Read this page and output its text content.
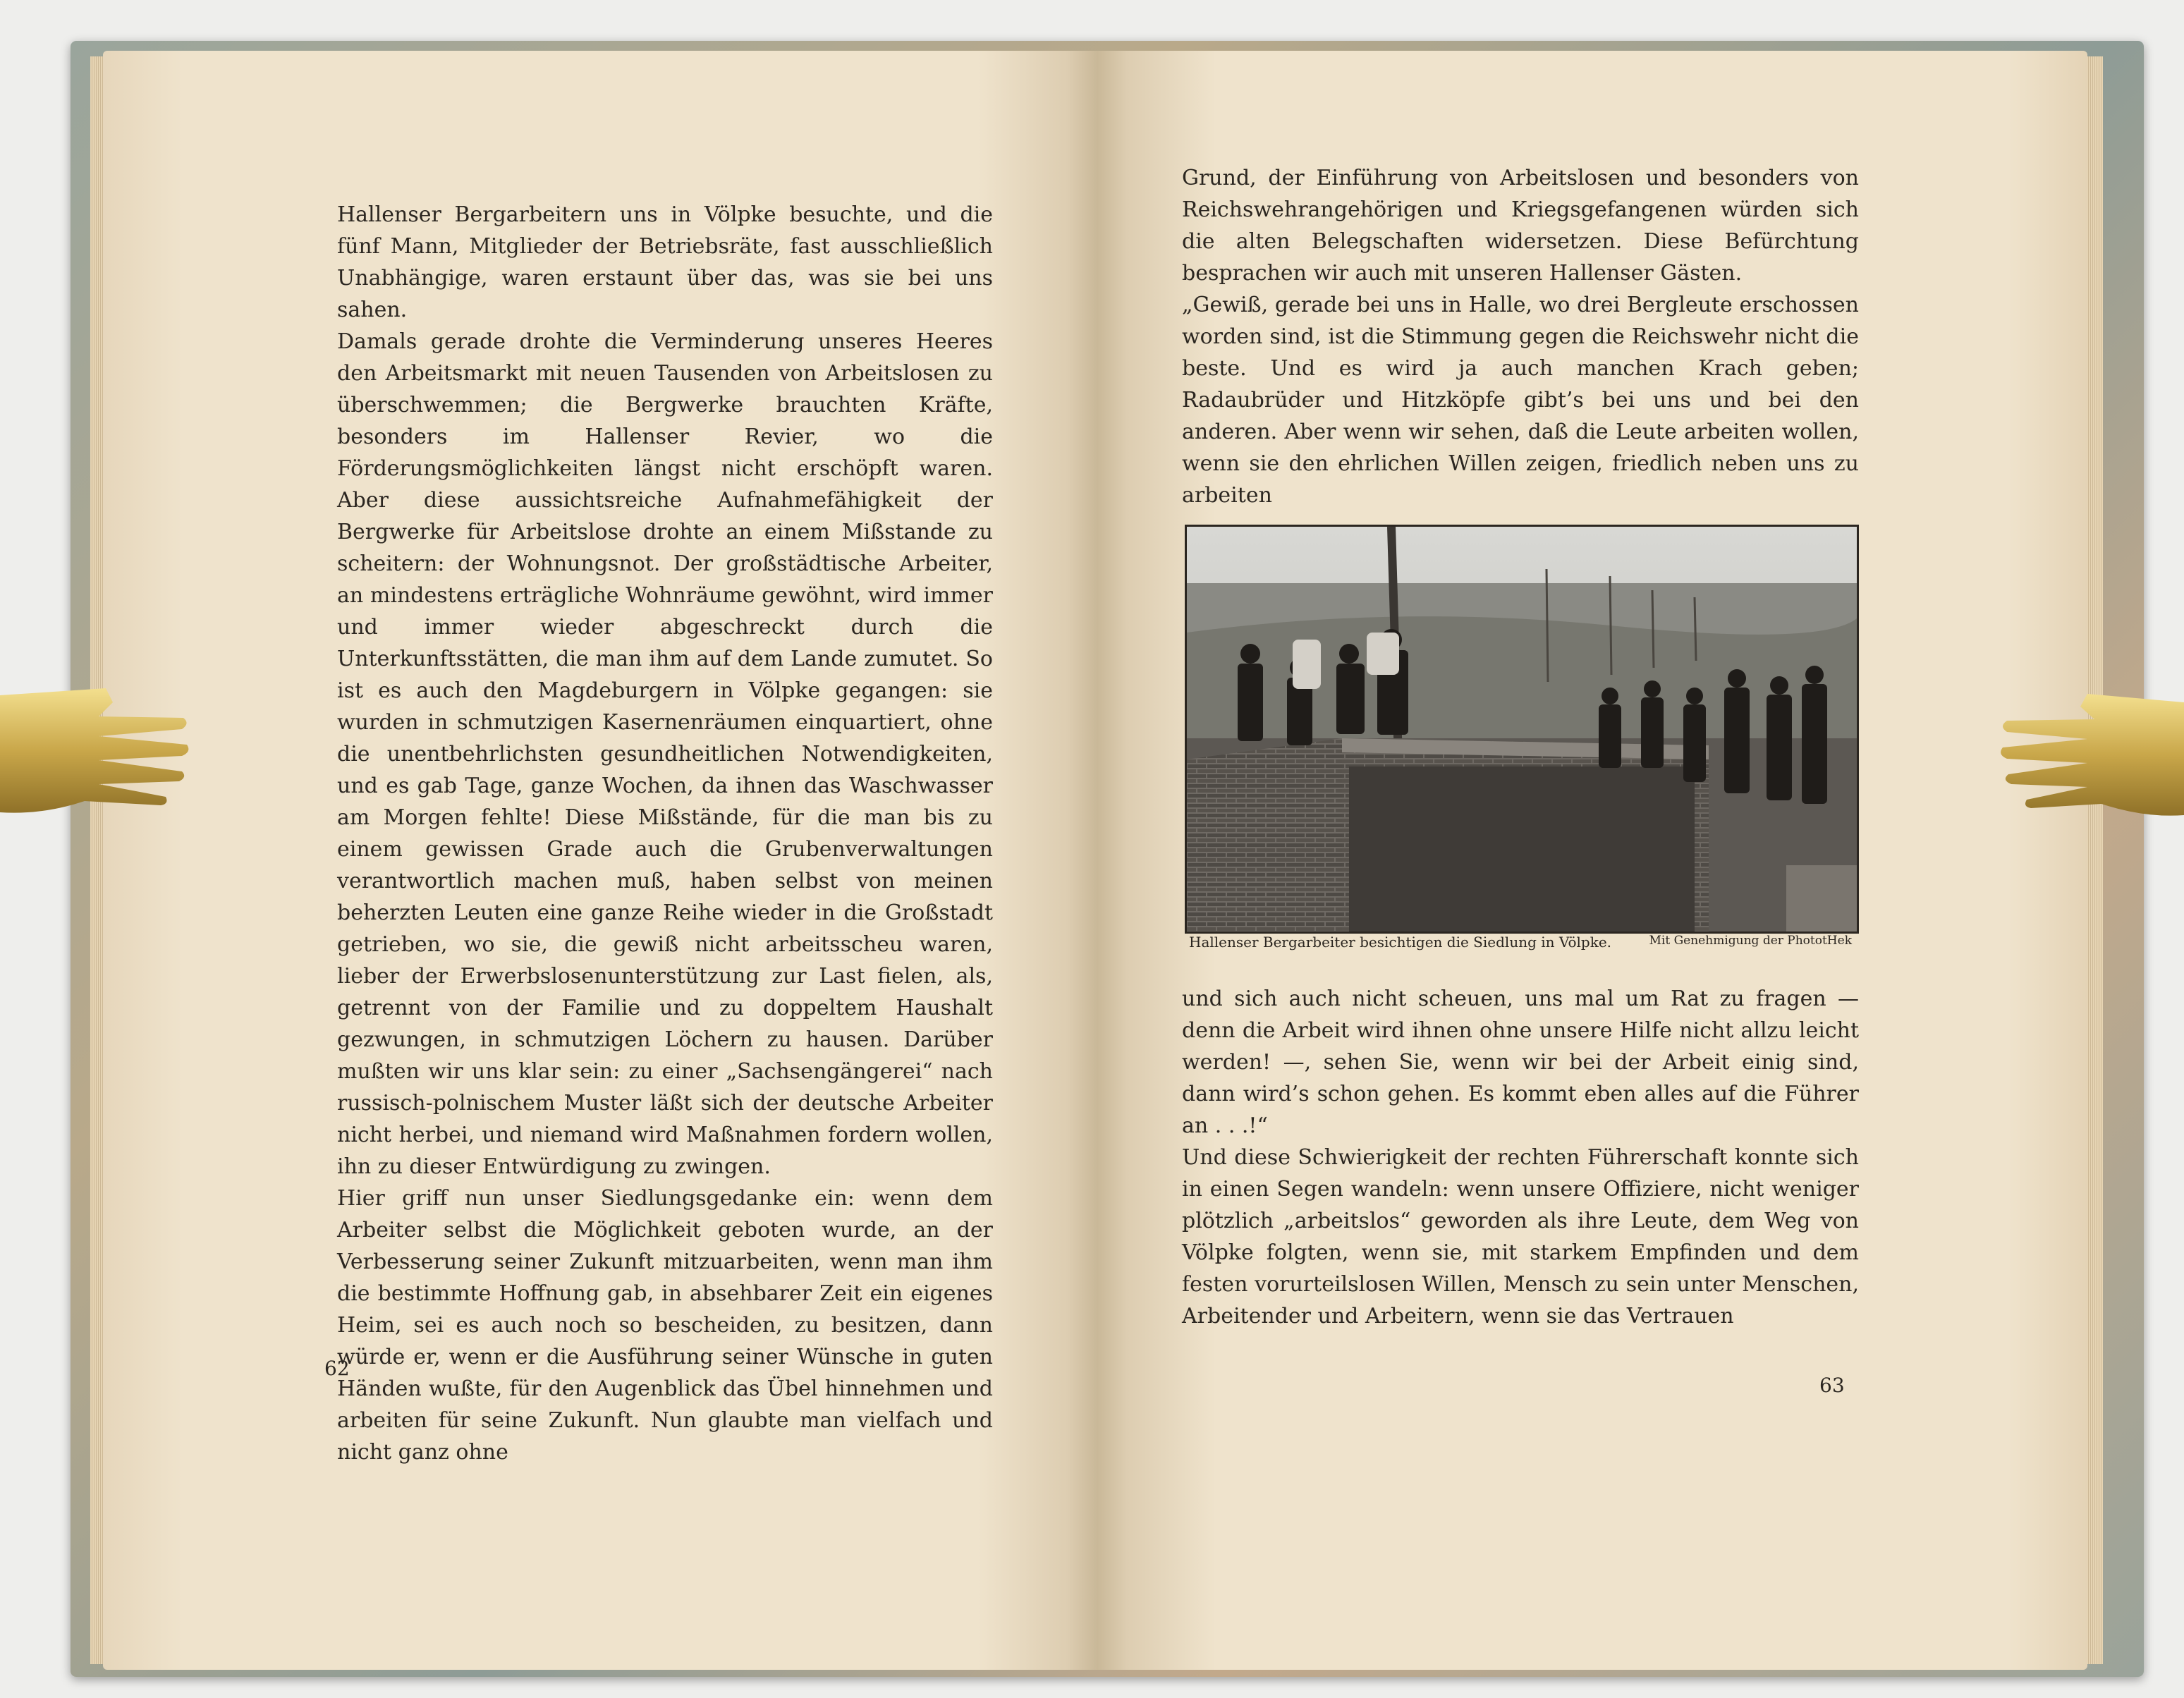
Hallenser Bergarbeitern uns in Völpke besuchte, und die fünf Mann, Mitglieder der Betriebsräte, fast ausschließlich Unabhängige, waren erstaunt über das, was sie bei uns sahen.
Damals gerade drohte die Verminderung unseres Heeres den Arbeitsmarkt mit neuen Tausenden von Arbeitslosen zu überschwemmen; die Bergwerke brauchten Kräfte, besonders im Hallenser Revier, wo die Förderungsmöglichkeiten längst nicht erschöpft waren. Aber diese aussichtsreiche Aufnahmefähigkeit der Bergwerke für Arbeitslose drohte an einem Mißstande zu scheitern: der Wohnungsnot. Der großstädtische Arbeiter, an mindestens erträgliche Wohnräume gewöhnt, wird immer und immer wieder abgeschreckt durch die Unterkunftsstätten, die man ihm auf dem Lande zumutet. So ist es auch den Magdeburgern in Völpke gegangen: sie wurden in schmutzigen Kasernenräumen einquartiert, ohne die unentbehrlichsten gesundheitlichen Notwendigkeiten, und es gab Tage, ganze Wochen, da ihnen das Waschwasser am Morgen fehlte! Diese Mißstände, für die man bis zu einem gewissen Grade auch die Grubenverwaltungen verantwortlich machen muß, haben selbst von meinen beherzten Leuten eine ganze Reihe wieder in die Großstadt getrieben, wo sie, die gewiß nicht arbeitsscheu waren, lieber der Erwerbslosenunterstützung zur Last fielen, als, getrennt von der Familie und zu doppeltem Haushalt gezwungen, in schmutzigen Löchern zu hausen. Darüber mußten wir uns klar sein: zu einer „Sachsengängerei“ nach russisch-polnischem Muster läßt sich der deutsche Arbeiter nicht herbei, und niemand wird Maßnahmen fordern wollen, ihn zu dieser Entwürdigung zu zwingen.
Hier griff nun unser Siedlungsgedanke ein: wenn dem Arbeiter selbst die Möglichkeit geboten wurde, an der Verbesserung seiner Zukunft mitzuarbeiten, wenn man ihm die bestimmte Hoffnung gab, in absehbarer Zeit ein eigenes Heim, sei es auch noch so bescheiden, zu besitzen, dann würde er, wenn er die Ausführung seiner Wünsche in guten Händen wußte, für den Augenblick das Übel hinnehmen und arbeiten für seine Zukunft. Nun glaubte man vielfach und nicht ganz ohne
62
Grund, der Einführung von Arbeitslosen und besonders von Reichswehrangehörigen und Kriegsgefangenen würden sich die alten Belegschaften widersetzen. Diese Befürchtung besprachen wir auch mit unseren Hallenser Gästen.
„Gewiß, gerade bei uns in Halle, wo drei Bergleute erschossen worden sind, ist die Stimmung gegen die Reichswehr nicht die beste. Und es wird ja auch manchen Krach geben; Radaubrüder und Hitzköpfe gibt’s bei uns und bei den anderen. Aber wenn wir sehen, daß die Leute arbeiten wollen, wenn sie den ehrlichen Willen zeigen, friedlich neben uns zu arbeiten
Hallenser Bergarbeiter besichtigen die Siedlung in Völpke.	Mit Genehmigung der PhototHek
und sich auch nicht scheuen, uns mal um Rat zu fragen — denn die Arbeit wird ihnen ohne unsere Hilfe nicht allzu leicht werden! —, sehen Sie, wenn wir bei der Arbeit einig sind, dann wird’s schon gehen. Es kommt eben alles auf die Führer an . . .!“
Und diese Schwierigkeit der rechten Führerschaft konnte sich in einen Segen wandeln: wenn unsere Offiziere, nicht weniger plötzlich „arbeitslos“ geworden als ihre Leute, dem Weg von Völpke folgten, wenn sie, mit starkem Empfinden und dem festen vorurteilslosen Willen, Mensch zu sein unter Menschen, Arbeitender und Arbeitern, wenn sie das Vertrauen
63
